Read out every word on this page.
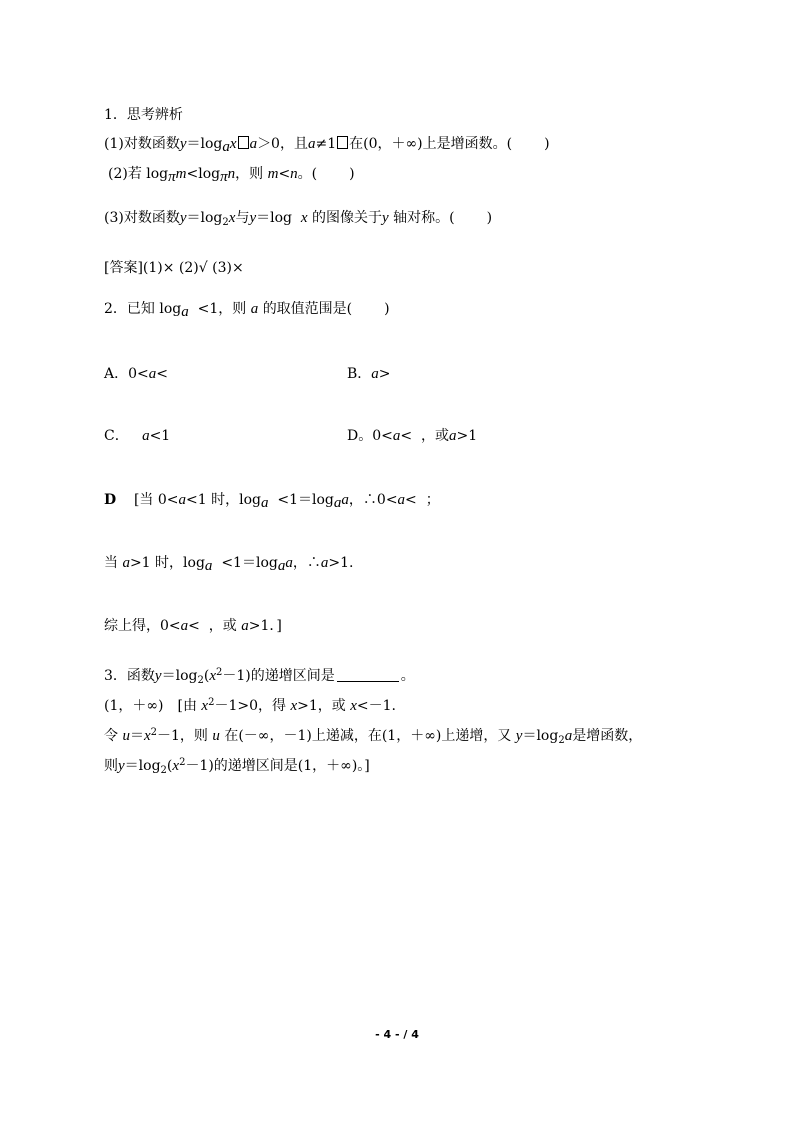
1．思考辨析
(1)对数函数$y=\log_ax$ a＞0，且a≠1 在(0，＋∞)上是增函数。( )
(2)若 $\log_\pi m<\log_\pi n$，则 m<n。( )
(3)对数函数$y=\log_2x$与y＝log x 的图像关于y 轴对称。( )
[答案](1)× (2)√ (3)×
2．已知 $\log_a <1$，则 a 的取值范围是( )
A．0<a<	B．a>
C． a<1	D。0<a< ，或a>1
D [当 0<a<1 时，$\log_a <1=\log_aa$，∴0<a< ；
当 a>1 时，$\log_a <1=\log_aa$，∴a>1.
综上得，0<a< ，或 a>1．]
3．函数$y=\log_2(x^2-1)$的递增区间是	。
(1，＋∞)　[由 $x^2-1>0$，得 x>1，或 x<－1.
令 $u=x^2-1$，则 u 在(－∞，－1)上递减，在(1，＋∞)上递增，又 $y=\log_2a$是增函数，
则$y=\log_2(x^2-1)$的递增区间是(1，＋∞)。]
- 4 - / 4
